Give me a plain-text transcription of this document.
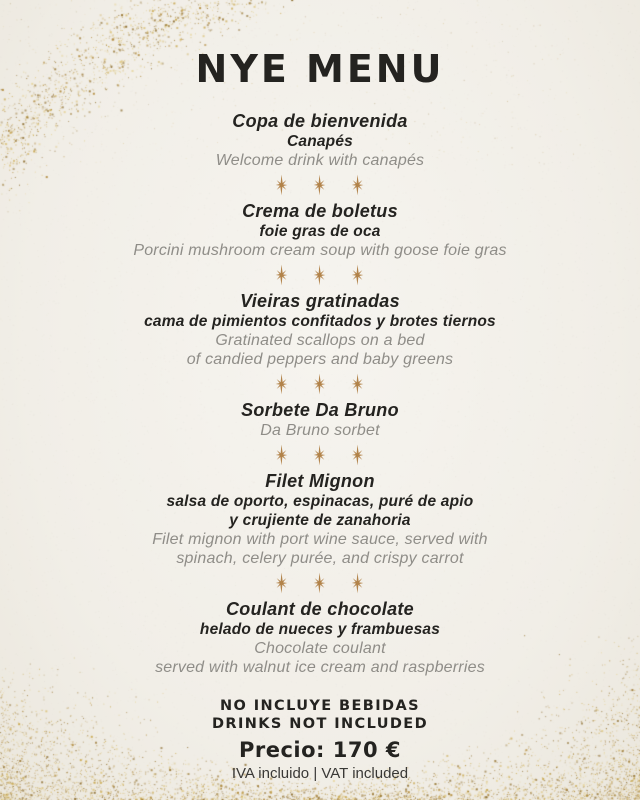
NYE MENU
Copa de bienvenida
Canapés
Welcome drink with canapés
Crema de boletus
foie gras de oca
Porcini mushroom cream soup with goose foie gras
Vieiras gratinadas
cama de pimientos confitados y brotes tiernos
Gratinated scallops on a bed
of candied peppers and baby greens
Sorbete Da Bruno
Da Bruno sorbet
Filet Mignon
salsa de oporto, espinacas, puré de apio
y crujiente de zanahoria
Filet mignon with port wine sauce, served with
spinach, celery purée, and crispy carrot
Coulant de chocolate
helado de nueces y frambuesas
Chocolate coulant
served with walnut ice cream and raspberries
NO INCLUYE BEBIDAS
DRINKS NOT INCLUDED
Precio: 170 €
IVA incluido | VAT included
